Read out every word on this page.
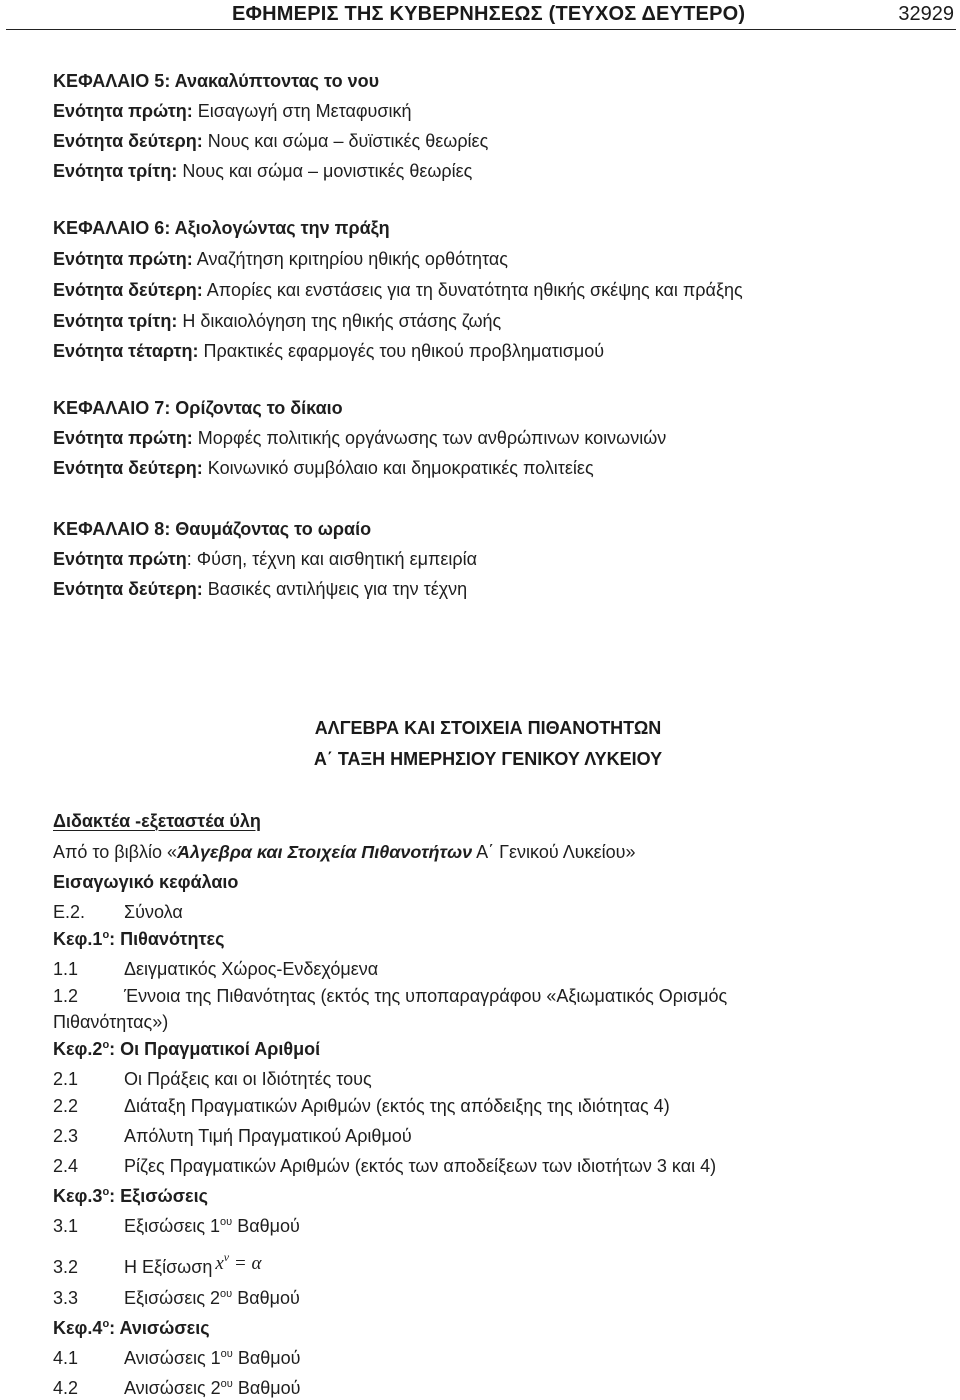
ΕΦΗΜΕΡΙΣ ΤΗΣ ΚΥΒΕΡΝΗΣΕΩΣ (ΤΕΥΧΟΣ ΔΕΥΤΕΡΟ)	32929
ΚΕΦΑΛΑΙΟ 5: Ανακαλύπτοντας το νου
Ενότητα πρώτη: Εισαγωγή στη Μεταφυσική
Ενότητα δεύτερη: Νους και σώμα – δυϊστικές θεωρίες
Ενότητα τρίτη: Νους και σώμα – μονιστικές θεωρίες
ΚΕΦΑΛΑΙΟ 6: Αξιολογώντας την πράξη
Ενότητα πρώτη: Αναζήτηση κριτηρίου ηθικής ορθότητας
Ενότητα δεύτερη: Απορίες και ενστάσεις για τη δυνατότητα ηθικής σκέψης και πράξης
Ενότητα τρίτη: Η δικαιολόγηση της ηθικής στάσης ζωής
Ενότητα τέταρτη: Πρακτικές εφαρμογές του ηθικού προβληματισμού
ΚΕΦΑΛΑΙΟ 7: Ορίζοντας το δίκαιο
Ενότητα πρώτη: Μορφές πολιτικής οργάνωσης των ανθρώπινων κοινωνιών
Ενότητα δεύτερη: Κοινωνικό συμβόλαιο και δημοκρατικές πολιτείες
ΚΕΦΑΛΑΙΟ 8: Θαυμάζοντας το ωραίο
Ενότητα πρώτη: Φύση, τέχνη και αισθητική εμπειρία
Ενότητα δεύτερη: Βασικές αντιλήψεις για την τέχνη
ΑΛΓΕΒΡΑ ΚΑΙ ΣΤΟΙΧΕΙΑ ΠΙΘΑΝΟΤΗΤΩΝ
Α΄ ΤΑΞΗ ΗΜΕΡΗΣΙΟΥ ΓΕΝΙΚΟΥ ΛΥΚΕΙΟΥ
Διδακτέα -εξεταστέα ύλη
Από το βιβλίο «Άλγεβρα και Στοιχεία Πιθανοτήτων Α΄ Γενικού Λυκείου»
Εισαγωγικό κεφάλαιο
Ε.2. Σύνολα
$K\varepsilon\varphi.1^o$: Πιθανότητες
1.1	Δειγματικός Χώρος-Ενδεχόμενα
1.2	Έννοια της Πιθανότητας (εκτός της υποπαραγράφου «Αξιωματικός Ορισμός
Πιθανότητας»)
$K\varepsilon\varphi.2^o$: Οι Πραγματικοί Αριθμοί
2.1	Οι Πράξεις και οι Ιδιότητές τους
2.2	Διάταξη Πραγματικών Αριθμών (εκτός της απόδειξης της ιδιότητας 4)
2.3	Απόλυτη Τιμή Πραγματικού Αριθμού
2.4	Ρίζες Πραγματικών Αριθμών (εκτός των αποδείξεων των ιδιοτήτων 3 και 4)
$K\varepsilon\varphi.3^o$: Εξισώσεις
3.1	Εξισώσεις $1^{o\upsilon}$ Βαθμού
3.2	Η Εξίσωση $x^\nu = \alpha$
3.3	Εξισώσεις $2^{o\upsilon}$ Βαθμού
$K\varepsilon\varphi.4^o$: Ανισώσεις
4.1	Ανισώσεις $1^{o\upsilon}$ Βαθμού
4.2	Ανισώσεις $2^{o\upsilon}$ Βαθμού
